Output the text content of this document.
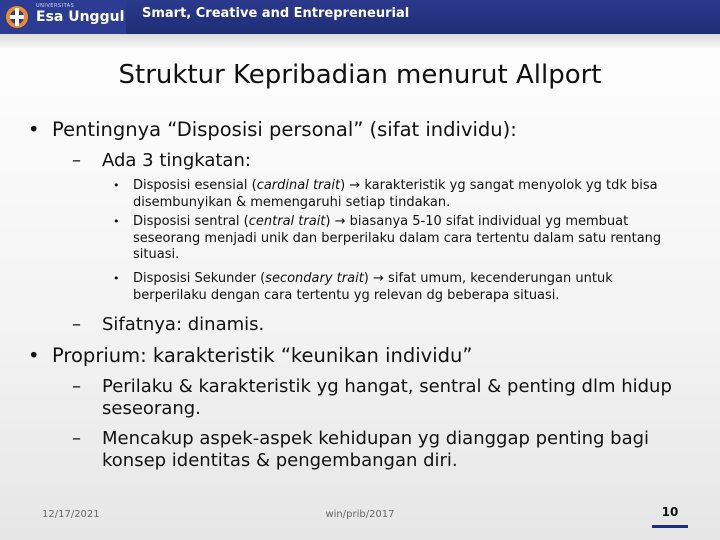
UNIVERSITAS
Esa Unggul Smart, Creative and Entrepreneurial
Struktur Kepribadian menurut Allport
• Pentingnya “Disposisi personal” (sifat individu):
– Ada 3 tingkatan:
• Disposisi esensial (cardinal trait) → karakteristik yg sangat menyolok yg tdk bisa disembunyikan & memengaruhi setiap tindakan.
• Disposisi sentral (central trait) → biasanya 5-10 sifat individual yg membuat seseorang menjadi unik dan berperilaku dalam cara tertentu dalam satu rentang situasi.
• Disposisi Sekunder (secondary trait) → sifat umum, kecenderungan untuk berperilaku dengan cara tertentu yg relevan dg beberapa situasi.
– Sifatnya: dinamis.
• Proprium: karakteristik “keunikan individu”
– Perilaku & karakteristik yg hangat, sentral & penting dlm hidup seseorang.
– Mencakup aspek-aspek kehidupan yg dianggap penting bagi konsep identitas & pengembangan diri.
12/17/2021	win/prib/2017	10
